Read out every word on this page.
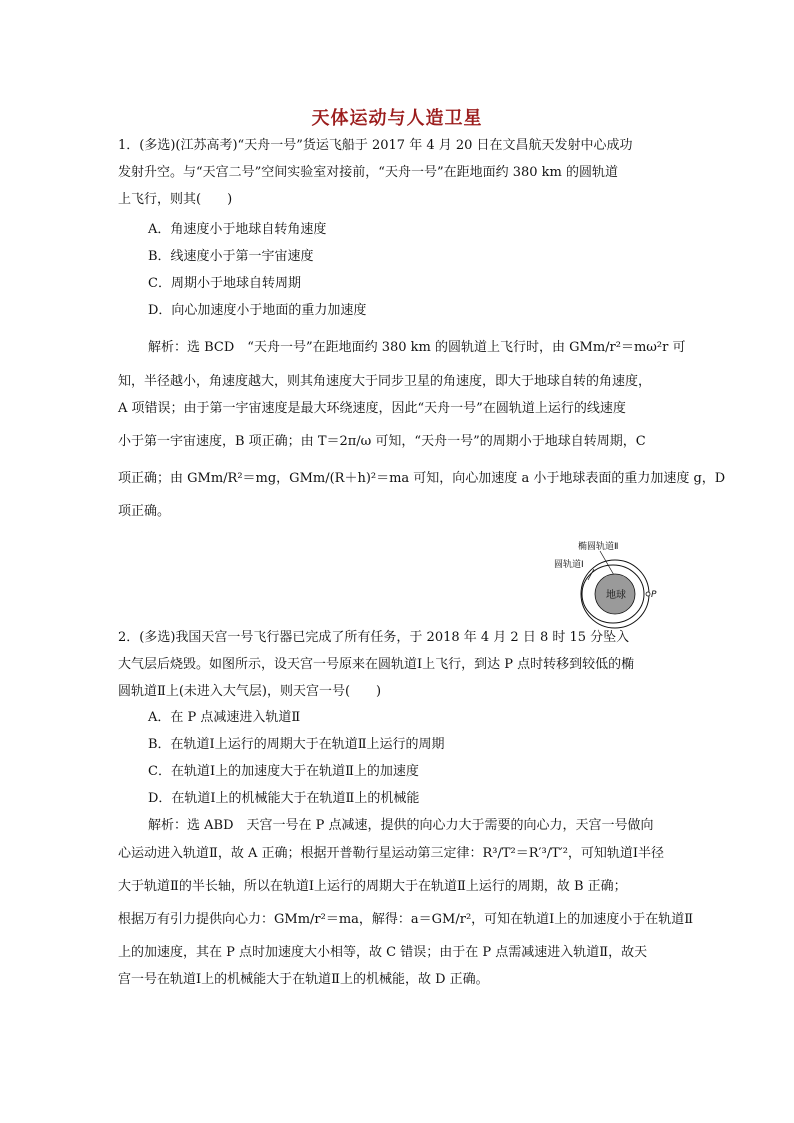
天体运动与人造卫星
1．(多选)(江苏高考)“天舟一号”货运飞船于 2017 年 4 月 20 日在文昌航天发射中心成功
发射升空。与“天宫二号”空间实验室对接前，“天舟一号”在距地面约 380 km 的圆轨道
上飞行，则其(　　)
A．角速度小于地球自转角速度
B．线速度小于第一宇宙速度
C．周期小于地球自转周期
D．向心加速度小于地面的重力加速度
解析：选 BCD　“天舟一号”在距地面约 380 km 的圆轨道上飞行时，由 GMm/r²＝mω²r 可
知，半径越小，角速度越大，则其角速度大于同步卫星的角速度，即大于地球自转的角速度，
A 项错误；由于第一宇宙速度是最大环绕速度，因此“天舟一号”在圆轨道上运行的线速度
小于第一宇宙速度，B 项正确；由 T＝2π/ω 可知，“天舟一号”的周期小于地球自转周期，C
项正确；由 GMm/R²＝mg，GMm/(R＋h)²＝ma 可知，向心加速度 a 小于地球表面的重力加速度 g，D
项正确。
椭圆轨道Ⅱ
圆轨道Ⅰ
地球	P
2．(多选)我国天宫一号飞行器已完成了所有任务，于 2018 年 4 月 2 日 8 时 15 分坠入
大气层后烧毁。如图所示，设天宫一号原来在圆轨道Ⅰ上飞行，到达 P 点时转移到较低的椭
圆轨道Ⅱ上(未进入大气层)，则天宫一号(　　)
A．在 P 点减速进入轨道Ⅱ
B．在轨道Ⅰ上运行的周期大于在轨道Ⅱ上运行的周期
C．在轨道Ⅰ上的加速度大于在轨道Ⅱ上的加速度
D．在轨道Ⅰ上的机械能大于在轨道Ⅱ上的机械能
解析：选 ABD　天宫一号在 P 点减速，提供的向心力大于需要的向心力，天宫一号做向
心运动进入轨道Ⅱ，故 A 正确；根据开普勒行星运动第三定律：R³/T²＝R′³/T′²，可知轨道Ⅰ半径
大于轨道Ⅱ的半长轴，所以在轨道Ⅰ上运行的周期大于在轨道Ⅱ上运行的周期，故 B 正确；
根据万有引力提供向心力：GMm/r²＝ma，解得：a＝GM/r²，可知在轨道Ⅰ上的加速度小于在轨道Ⅱ
上的加速度，其在 P 点时加速度大小相等，故 C 错误；由于在 P 点需减速进入轨道Ⅱ，故天
宫一号在轨道Ⅰ上的机械能大于在轨道Ⅱ上的机械能，故 D 正确。
